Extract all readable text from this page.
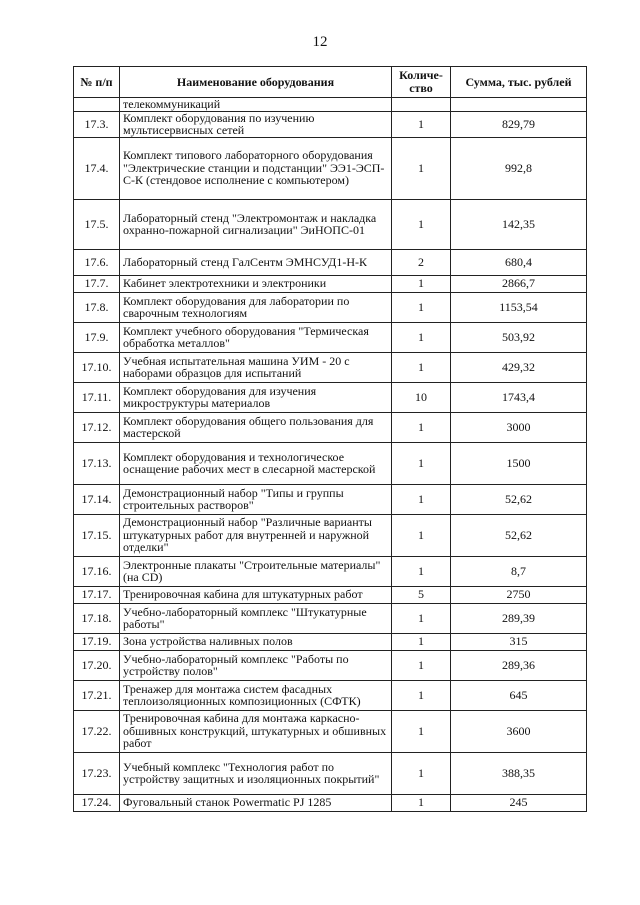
12
№ п/п	Наименование оборудования	Количе-ство	Сумма, тыс. рублей
	телекоммуникаций		
17.3.	Комплект оборудования по изучению мультисервисных сетей	1	829,79
17.4.	Комплект типового лабораторного оборудования "Электрические станции и подстанции" ЭЭ1-ЭСП-С-К (стендовое исполнение с компьютером)	1	992,8
17.5.	Лабораторный стенд "Электромонтаж и накладка охранно-пожарной сигнализации" ЭиНОПС-01	1	142,35
17.6.	Лабораторный стенд ГалСентм ЭМНСУД1-Н-К	2	680,4
17.7.	Кабинет электротехники и электроники	1	2866,7
17.8.	Комплект оборудования для лаборатории по сварочным технологиям	1	1153,54
17.9.	Комплект учебного оборудования "Термическая обработка металлов"	1	503,92
17.10.	Учебная испытательная машина УИМ - 20 с наборами образцов для испытаний	1	429,32
17.11.	Комплект оборудования для изучения микроструктуры материалов	10	1743,4
17.12.	Комплект оборудования общего пользования для мастерской	1	3000
17.13.	Комплект оборудования и технологическое оснащение рабочих мест в слесарной мастерской	1	1500
17.14.	Демонстрационный набор "Типы и группы строительных растворов"	1	52,62
17.15.	Демонстрационный набор "Различные варианты штукатурных работ для внутренней и наружной отделки"	1	52,62
17.16.	Электронные плакаты "Строительные материалы" (на CD)	1	8,7
17.17.	Тренировочная кабина для штукатурных работ	5	2750
17.18.	Учебно-лабораторный комплекс "Штукатурные работы"	1	289,39
17.19.	Зона устройства наливных полов	1	315
17.20.	Учебно-лабораторный комплекс "Работы по устройству полов"	1	289,36
17.21.	Тренажер для монтажа систем фасадных теплоизоляционных композиционных (СФТК)	1	645
17.22.	Тренировочная кабина для монтажа каркасно-обшивных конструкций, штукатурных и обшивных работ	1	3600
17.23.	Учебный комплекс "Технология работ по устройству защитных и изоляционных покрытий"	1	388,35
17.24.	Фуговальный станок Powermatic PJ 1285	1	245
